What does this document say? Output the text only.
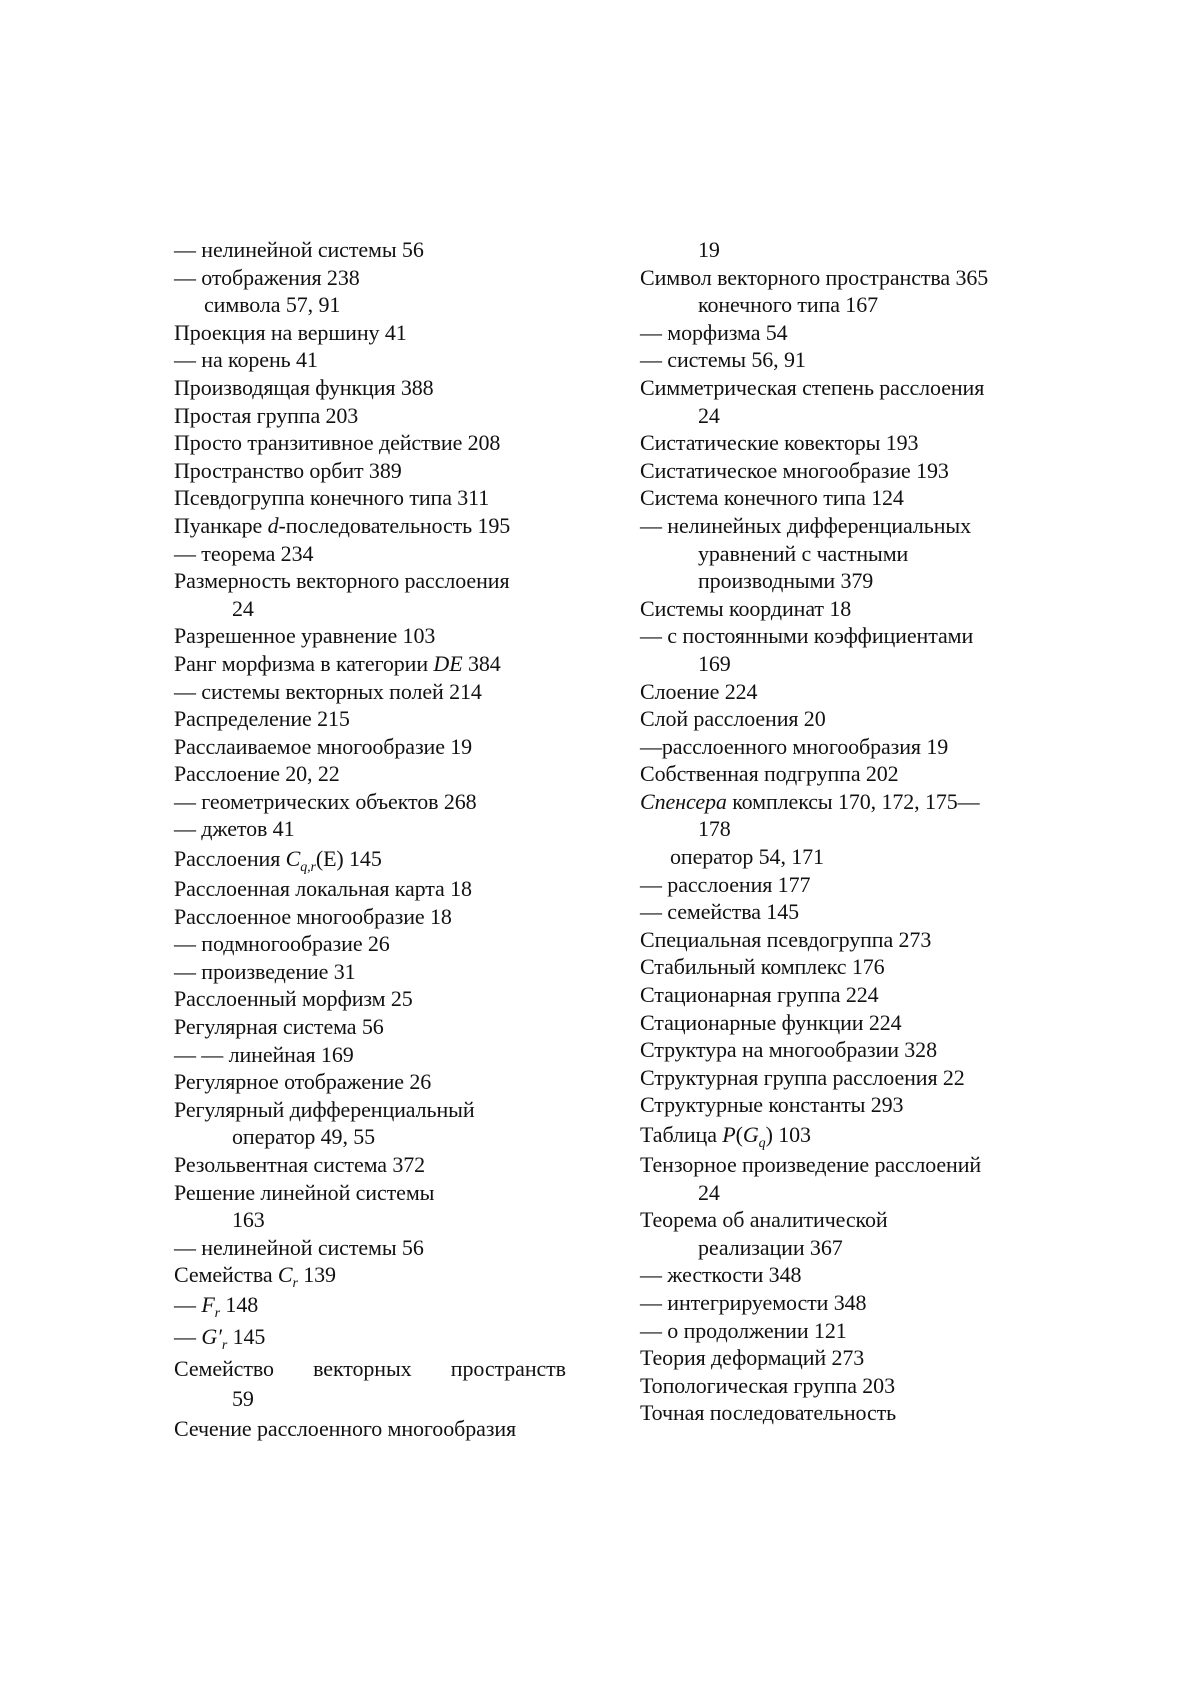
— нелинейной системы 56
— отображения 238
символа 57, 91
Проекция на вершину 41
— на корень 41
Производящая функция 388
Простая группа 203
Просто транзитивное действие 208
Пространство орбит 389
Псевдогруппа конечного типа 311
Пуанкаре d-последовательность 195
— теорема 234
Размерность векторного расслоения
24
Разрешенное уравнение 103
Ранг морфизма в категории DE 384
— системы векторных полей 214
Распределение 215
Расслаиваемое многообразие 19
Расслоение 20, 22
— геометрических объектов 268
— джетов 41
Расслоения $C_{q,r}(E)$ 145
Расслоенная локальная карта 18
Расслоенное многообразие 18
— подмногообразие 26
— произведение 31
Расслоенный морфизм 25
Регулярная система 56
— — линейная 169
Регулярное отображение 26
Регулярный дифференциальный
оператор 49, 55
Резольвентная система 372
Решение линейной системы
163
— нелинейной системы 56
Семейства $C_r$ 139
— $F_r$ 148
— $G'_r$ 145
Семейство векторных пространств
59
Сечение расслоенного многообразия
19
Символ векторного пространства 365
конечного типа 167
— морфизма 54
— системы 56, 91
Симметрическая степень расслоения
24
Систатические ковекторы 193
Систатическое многообразие 193
Система конечного типа 124
— нелинейных дифференциальных
уравнений с частными
производными 379
Системы координат 18
— с постоянными коэффициентами
169
Слоение 224
Слой расслоения 20
—расслоенного многообразия 19
Собственная подгруппа 202
Спенсера комплексы 170, 172, 175—
178
оператор 54, 171
— расслоения 177
— семейства 145
Специальная псевдогруппа 273
Стабильный комплекс 176
Стационарная группа 224
Стационарные функции 224
Структура на многообразии 328
Структурная группа расслоения 22
Структурные константы 293
Таблица $P(G_q)$ 103
Тензорное произведение расслоений
24
Теорема об аналитической
реализации 367
— жесткости 348
— интегрируемости 348
— о продолжении 121
Теория деформаций 273
Топологическая группа 203
Точная последовательность
